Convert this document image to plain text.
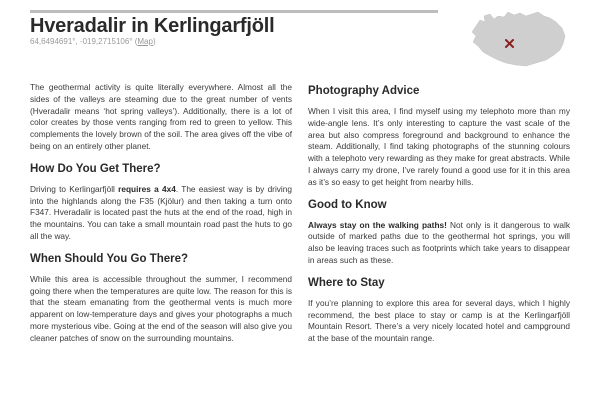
Hveradalir in Kerlingarfjöll
64,6494691°, -019,2715106° (Map)

The geothermal activity is quite literally everywhere. Almost all the sides of the valleys are steaming due to the great number of vents (Hveradalir means ‘hot spring valleys’). Additionally, there is a lot of color creates by those vents ranging from red to green to yellow. This complements the lovely brown of the soil. The area gives off the vibe of being on an entirely other planet.

How Do You Get There?

Driving to Kerlingarfjöll requires a 4x4. The easiest way is by driving into the highlands along the F35 (Kjölur) and then taking a turn onto F347. Hveradalir is located past the huts at the end of the road, high in the mountains. You can take a small mountain road past the huts to go all the way.

When Should You Go There?

While this area is accessible throughout the summer, I recommend going there when the temperatures are quite low. The reason for this is that the steam emanating from the geothermal vents is much more apparent on low-temperature days and gives your photographs a much more mysterious vibe. Going at the end of the season will also give you cleaner patches of snow on the surrounding mountains.

Photography Advice

When I visit this area, I find myself using my telephoto more than my wide-angle lens. It’s only interesting to capture the vast scale of the area but also compress foreground and background to enhance the steam. Additionally, I find taking photographs of the stunning colours with a telephoto very rewarding as they make for great abstracts. While I always carry my drone, I’ve rarely found a good use for it in this area as it’s so easy to get height from nearby hills.

Good to Know

Always stay on the walking paths! Not only is it dangerous to walk outside of marked paths due to the geothermal hot springs, you will also be leaving traces such as footprints which take years to disappear in areas such as these.

Where to Stay

If you’re planning to explore this area for several days, which I highly recommend, the best place to stay or camp is at the Kerlingarfjöll Mountain Resort. There’s a very nicely located hotel and campground at the base of the mountain range.
